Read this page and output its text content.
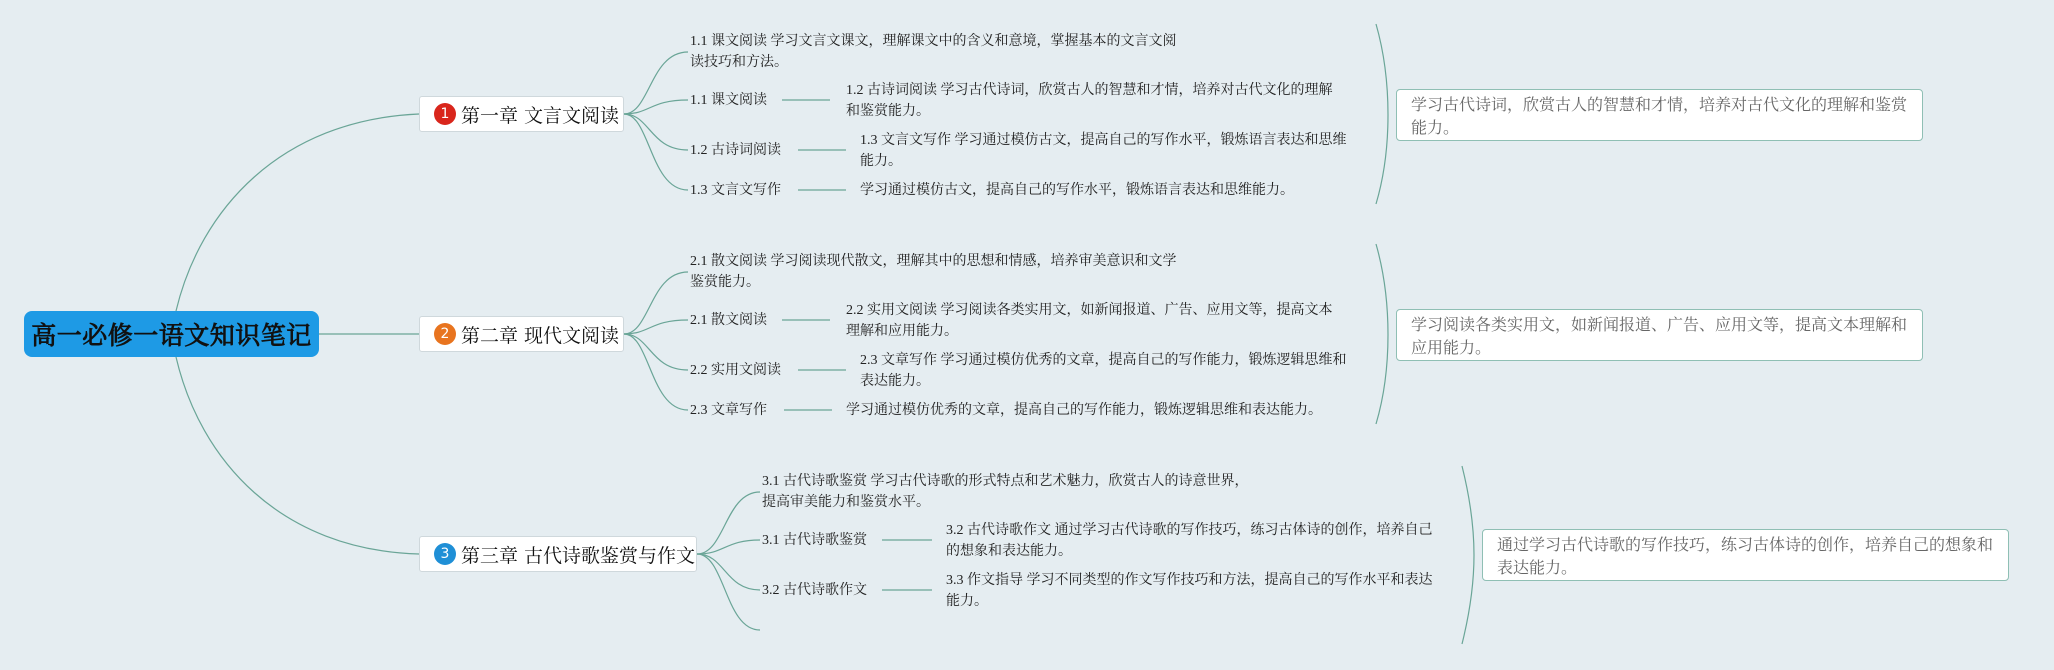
高一必修一语文知识笔记
1 第一章 文言文阅读
1.1 课文阅读 学习文言文课文，理解课文中的含义和意境，掌握基本的文言文阅读技巧和方法。
1.1 课文阅读
1.2 古诗词阅读 学习古代诗词，欣赏古人的智慧和才情，培养对古代文化的理解和鉴赏能力。
1.2 古诗词阅读
1.3 文言文写作 学习通过模仿古文，提高自己的写作水平，锻炼语言表达和思维能力。
1.3 文言文写作	学习通过模仿古文，提高自己的写作水平，锻炼语言表达和思维能力。
学习古代诗词，欣赏古人的智慧和才情，培养对古代文化的理解和鉴赏能力。
2 第二章 现代文阅读
2.1 散文阅读 学习阅读现代散文，理解其中的思想和情感，培养审美意识和文学鉴赏能力。
2.1 散文阅读
2.2 实用文阅读 学习阅读各类实用文，如新闻报道、广告、应用文等，提高文本理解和应用能力。
2.2 实用文阅读
2.3 文章写作 学习通过模仿优秀的文章，提高自己的写作能力，锻炼逻辑思维和表达能力。
2.3 文章写作	学习通过模仿优秀的文章，提高自己的写作能力，锻炼逻辑思维和表达能力。
学习阅读各类实用文，如新闻报道、广告、应用文等，提高文本理解和应用能力。
3 第三章 古代诗歌鉴赏与作文
3.1 古代诗歌鉴赏 学习古代诗歌的形式特点和艺术魅力，欣赏古人的诗意世界，提高审美能力和鉴赏水平。
3.1 古代诗歌鉴赏
3.2 古代诗歌作文 通过学习古代诗歌的写作技巧，练习古体诗的创作，培养自己的想象和表达能力。
3.2 古代诗歌作文
3.3 作文指导 学习不同类型的作文写作技巧和方法，提高自己的写作水平和表达能力。
通过学习古代诗歌的写作技巧，练习古体诗的创作，培养自己的想象和表达能力。
